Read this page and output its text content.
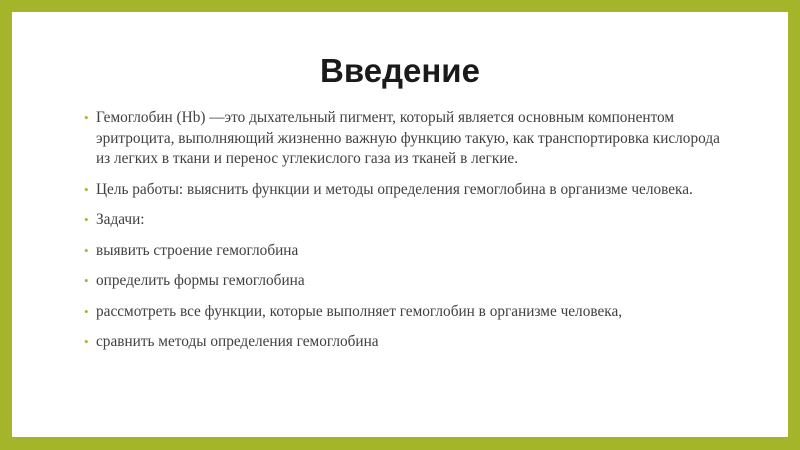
Введение
• Гемоглобин (Hb) —это дыхательный пигмент, который является основным компонентом эритроцита, выполняющий жизненно важную функцию такую, как транспортировка кислорода из легких в ткани и перенос углекислого газа из тканей в легкие.
• Цель работы: выяснить функции и методы определения гемоглобина в организме человека.
• Задачи:
• выявить строение гемоглобина
• определить формы гемоглобина
• рассмотреть все функции, которые выполняет гемоглобин в организме человека,
• сравнить методы определения гемоглобина
